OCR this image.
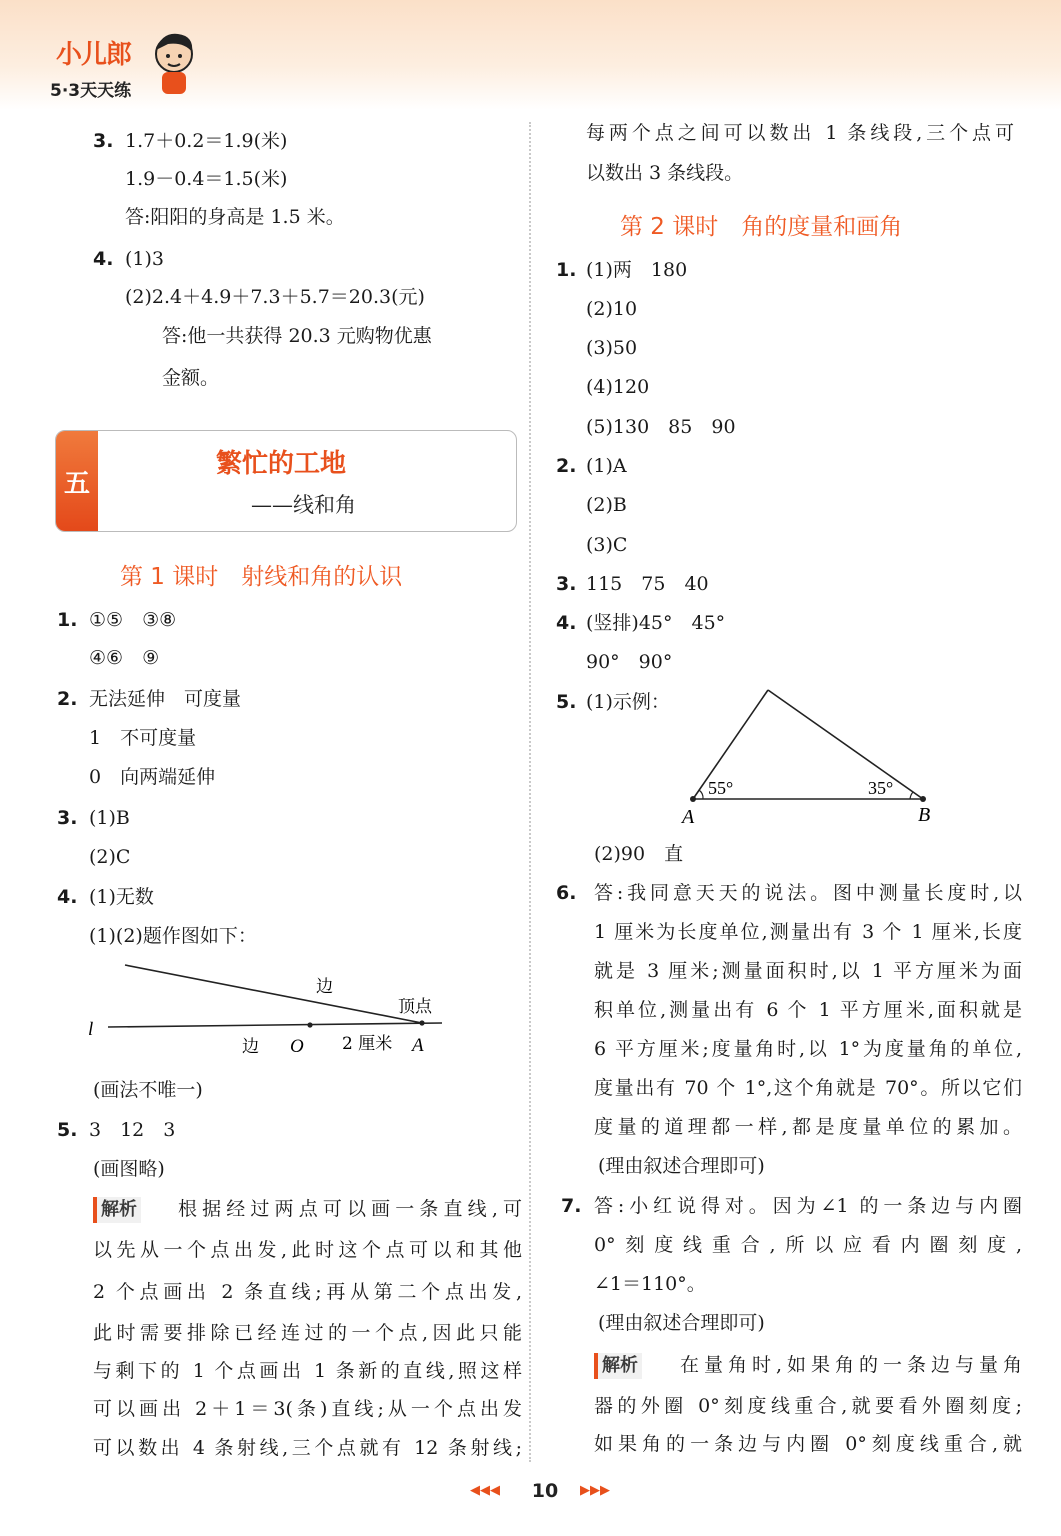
小儿郎
5·3天天练
3. 1.7＋0.2＝1.9(米)
1.9－0.4＝1.5(米)
答:阳阳的身高是 1.5 米。
4. (1)3
(2)2.4＋4.9＋7.3＋5.7＝20.3(元)
答:他一共获得 20.3 元购物优惠
金额。
五
繁忙的工地
——线和角
第 1 课时　射线和角的认识
1. ①⑤　③⑧
④⑥　⑨
2. 无法延伸　可度量
1　不可度量
0　向两端延伸
3. (1)B
(2)C
4. (1)无数
(1)(2)题作图如下：
l
边
顶点
边 O 2 厘米 A
(画法不唯一)
5. 3　12　3
(画图略)
解析 根据经过两点可以画一条直线,可
以先从一个点出发,此时这个点可以和其他
2 个点画出 2 条直线;再从第二个点出发,
此时需要排除已经连过的一个点,因此只能
与剩下的 1 个点画出 1 条新的直线,照这样
可以画出 2＋1＝3(条)直线;从一个点出发
可以数出 4 条射线,三个点就有 12 条射线;
每两个点之间可以数出 1 条线段,三个点可
以数出 3 条线段。
第 2 课时　角的度量和画角
1. (1)两　180
(2)10
(3)50
(4)120
(5)130　85　90
2. (1)A
(2)B
(3)C
3. 115　75　40
4. (竖排)45°　45°
90°　90°
5. (1)示例：
55°	35°
A	B
(2)90　直
6. 答:我同意天天的说法。图中测量长度时,以
1 厘米为长度单位,测量出有 3 个 1 厘米,长度
就是 3 厘米;测量面积时,以 1 平方厘米为面
积单位,测量出有 6 个 1 平方厘米,面积就是
6 平方厘米;度量角时,以 1°为度量角的单位,
度量出有 70 个 1°,这个角就是 70°。所以它们
度量的道理都一样,都是度量单位的累加。
(理由叙述合理即可)
7. 答:小红说得对。因为∠1 的一条边与内圈
0°刻度线重合,所以应看内圈刻度,
∠1＝110°。
(理由叙述合理即可)
解析 在量角时,如果角的一条边与量角
器的外圈 0°刻度线重合,就要看外圈刻度;
如果角的一条边与内圈 0°刻度线重合,就
◀◀◀	10	▶▶▶
